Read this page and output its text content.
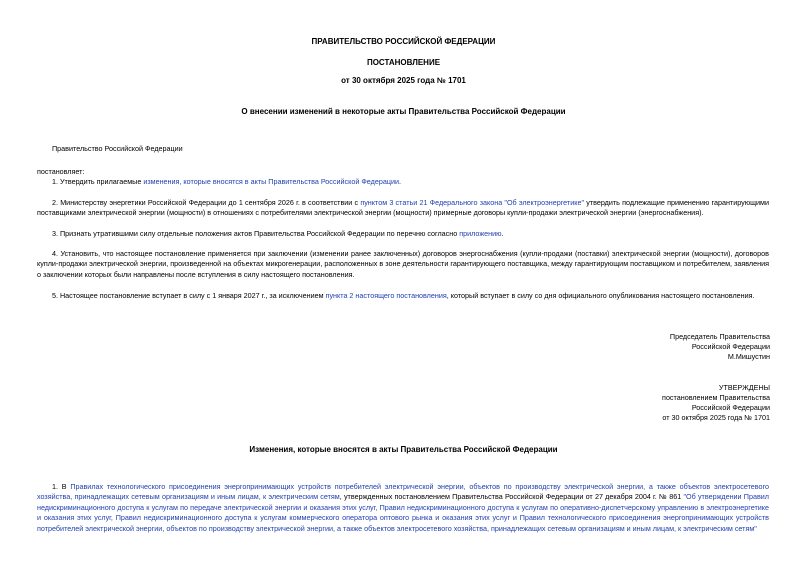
ПРАВИТЕЛЬСТВО РОССИЙСКОЙ ФЕДЕРАЦИИ
ПОСТАНОВЛЕНИЕ
от 30 октября 2025 года № 1701
О внесении изменений в некоторые акты Правительства Российской Федерации
Правительство Российской Федерации
постановляет:
1. Утвердить прилагаемые изменения, которые вносятся в акты Правительства Российской Федерации.
2. Министерству энергетики Российской Федерации до 1 сентября 2026 г. в соответствии с пунктом 3 статьи 21 Федерального закона "Об электроэнергетике" утвердить подлежащие применению гарантирующими поставщиками электрической энергии (мощности) в отношениях с потребителями электрической энергии (мощности) примерные договоры купли-продажи электрической энергии (энергоснабжения).
3. Признать утратившими силу отдельные положения актов Правительства Российской Федерации по перечню согласно приложению.
4. Установить, что настоящее постановление применяется при заключении (изменении ранее заключенных) договоров энергоснабжения (купли-продажи (поставки) электрической энергии (мощности), договоров купли-продажи электрической энергии, произведенной на объектах микрогенерации, расположенных в зоне деятельности гарантирующего поставщика, между гарантирующим поставщиком и потребителем, заявления о заключении которых были направлены после вступления в силу настоящего постановления.
5. Настоящее постановление вступает в силу с 1 января 2027 г., за исключением пункта 2 настоящего постановления, который вступает в силу со дня официального опубликования настоящего постановления.
Председатель Правительства
Российской Федерации
М.Мишустин
УТВЕРЖДЕНЫ
постановлением Правительства
Российской Федерации
от 30 октября 2025 года № 1701
Изменения, которые вносятся в акты Правительства Российской Федерации
1. В Правилах технологического присоединения энергопринимающих устройств потребителей электрической энергии, объектов по производству электрической энергии, а также объектов электросетевого хозяйства, принадлежащих сетевым организациям и иным лицам, к электрическим сетям, утвержденных постановлением Правительства Российской Федерации от 27 декабря 2004 г. № 861 "Об утверждении Правил недискриминационного доступа к услугам по передаче электрической энергии и оказания этих услуг, Правил недискриминационного доступа к услугам по оперативно-диспетчерскому управлению в электроэнергетике и оказания этих услуг, Правил недискриминационного доступа к услугам коммерческого оператора оптового рынка и оказания этих услуг и Правил технологического присоединения энергопринимающих устройств потребителей электрической энергии, объектов по производству электрической энергии, а также объектов электросетевого хозяйства, принадлежащих сетевым организациям и иным лицам, к электрическим сетям"
